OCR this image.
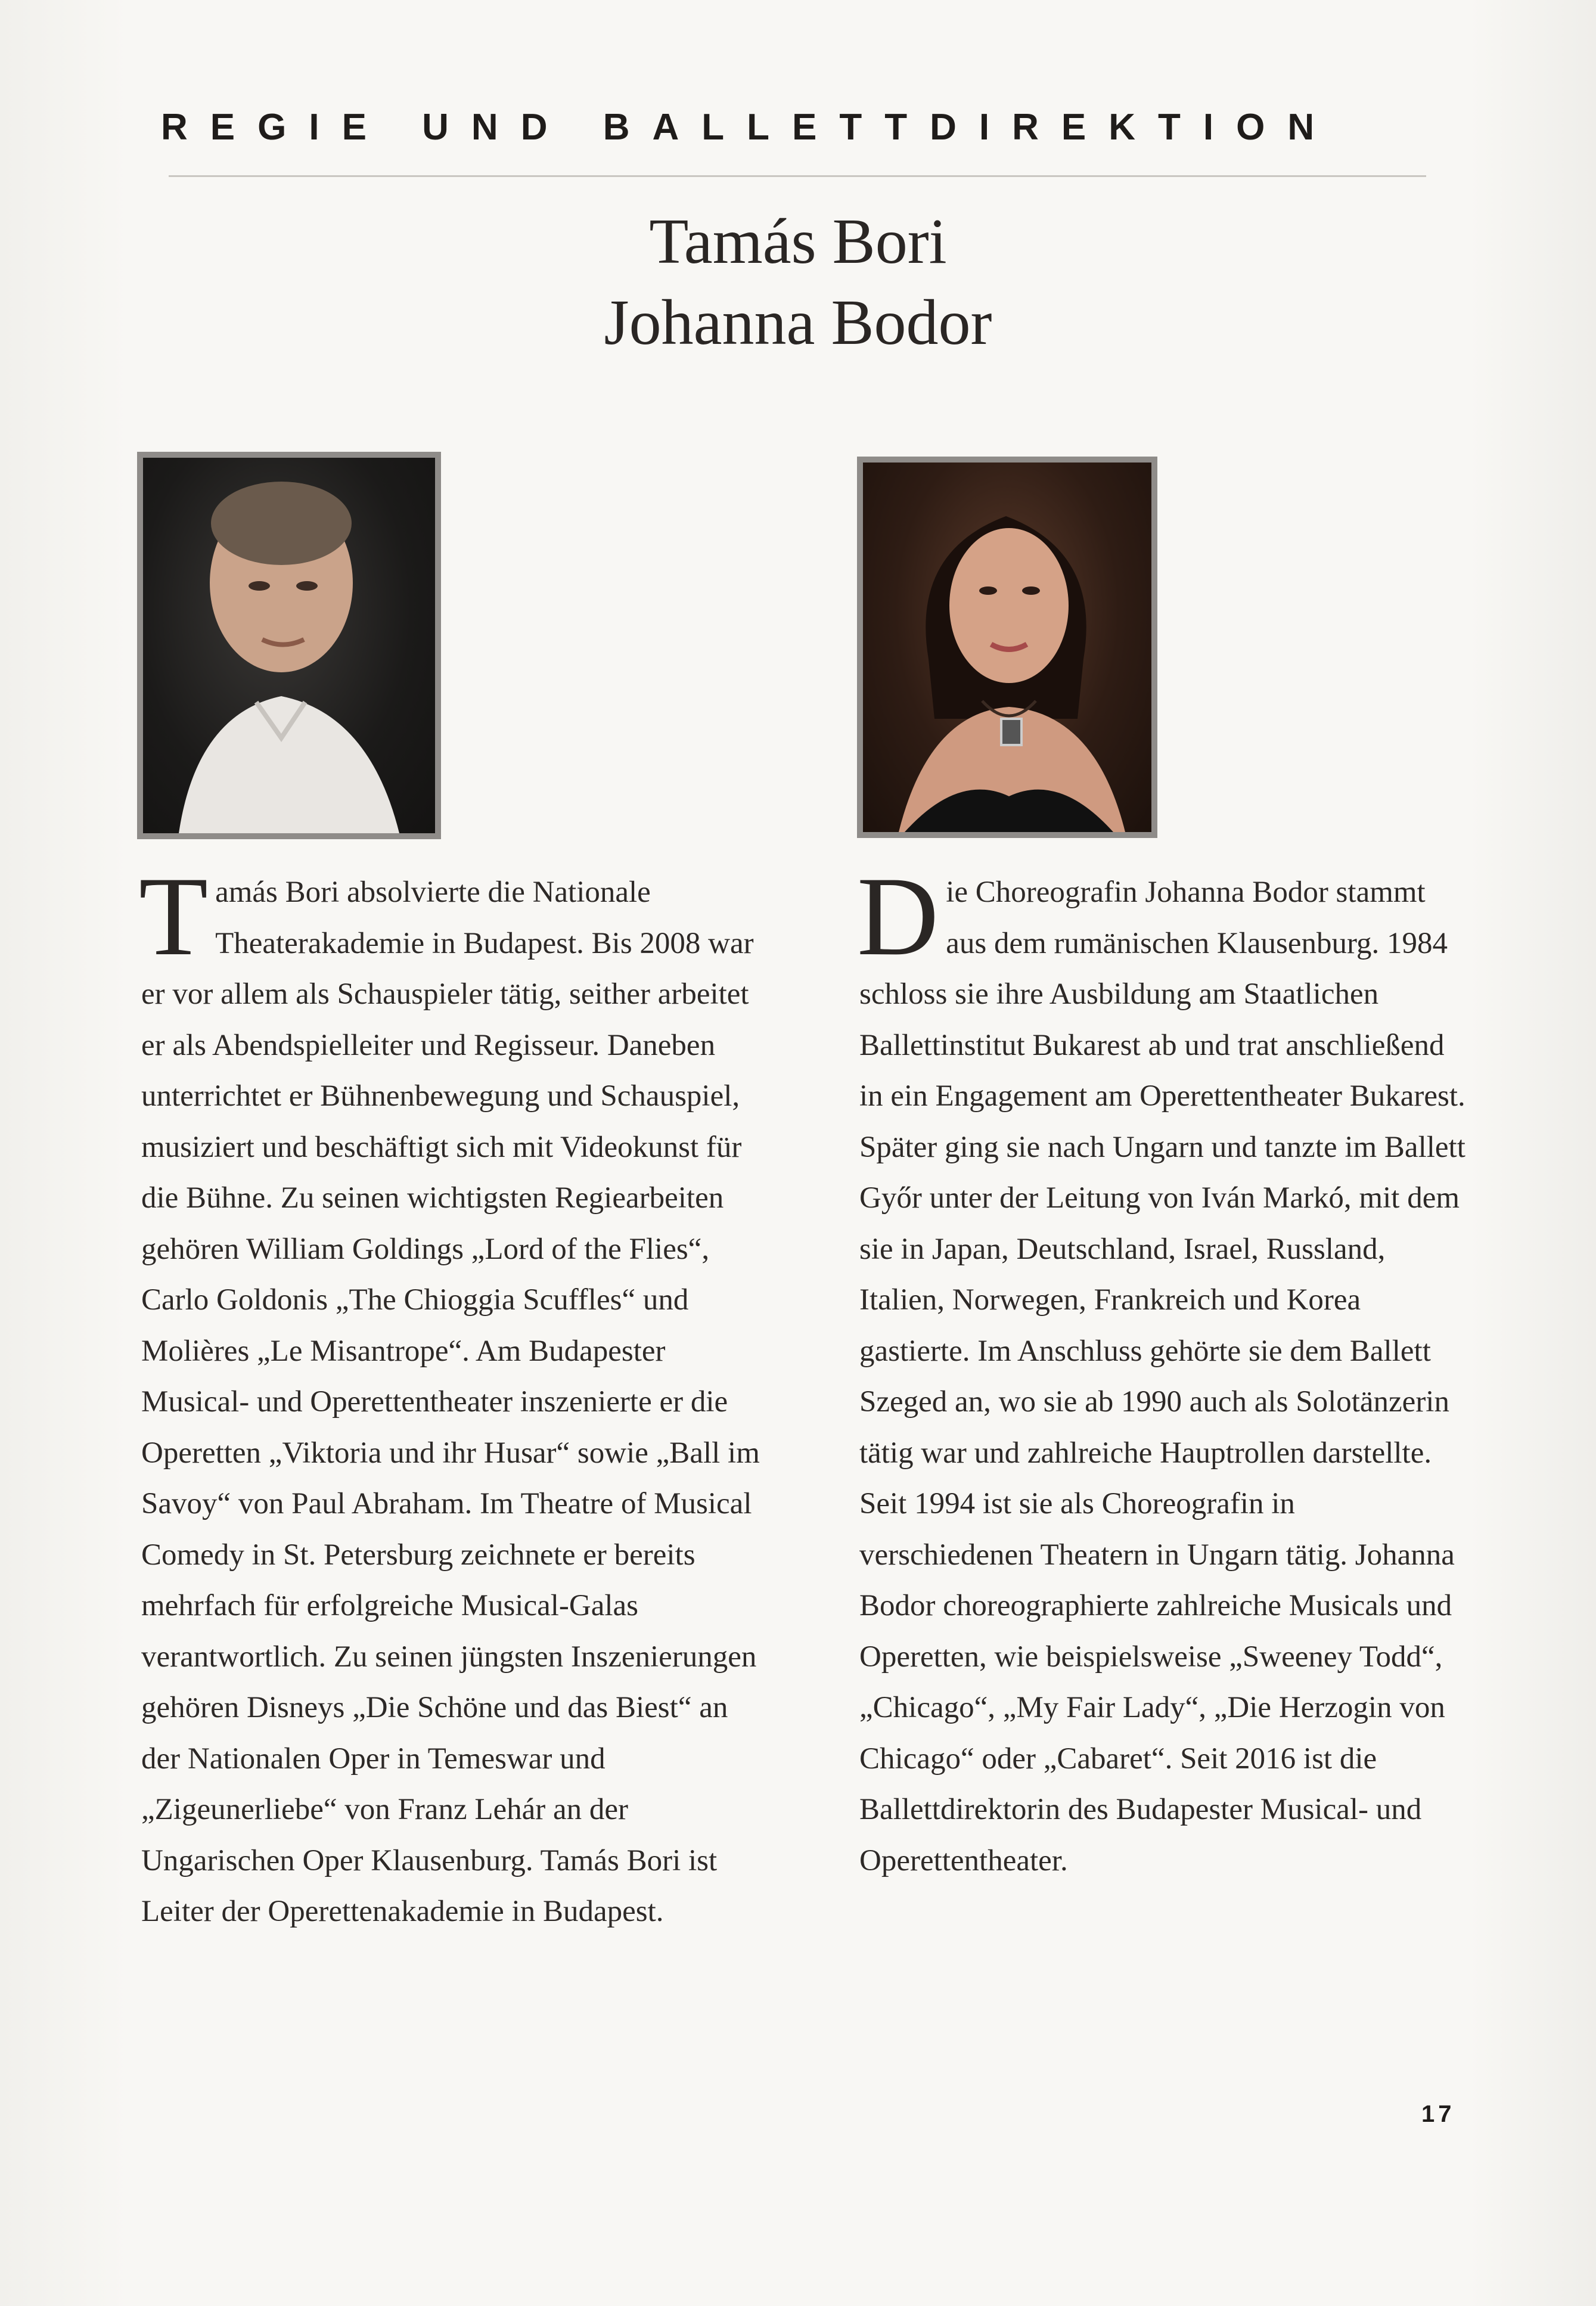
REGIE UND BALLETTDIREKTION
Tamás Bori
Johanna Bodor

Tamás Bori absolvierte die Nationale Theaterakademie in Budapest. Bis 2008 war er vor allem als Schauspieler tätig, seither arbeitet er als Abendspielleiter und Regisseur. Daneben unterrichtet er Bühnenbewegung und Schauspiel, musiziert und beschäftigt sich mit Videokunst für die Bühne. Zu seinen wichtigsten Regiearbeiten gehören William Goldings „Lord of the Flies“, Carlo Goldonis „The Chioggia Scuffles“ und Molières „Le Misantrope“. Am Budapester Musical- und Operettentheater inszenierte er die Operetten „Viktoria und ihr Husar“ sowie „Ball im Savoy“ von Paul Abraham. Im Theatre of Musical Comedy in St. Petersburg zeichnete er bereits mehrfach für erfolgreiche Musical-Galas verantwortlich. Zu seinen jüngsten Inszenierungen gehören Disneys „Die Schöne und das Biest“ an der Nationalen Oper in Temeswar und „Zigeunerliebe“ von Franz Lehár an der Ungarischen Oper Klausenburg. Tamás Bori ist Leiter der Operettenakademie in Budapest.

Die Choreografin Johanna Bodor stammt aus dem rumänischen Klausenburg. 1984 schloss sie ihre Ausbildung am Staatlichen Ballettinstitut Bukarest ab und trat anschließend in ein Engagement am Operettentheater Bukarest. Später ging sie nach Ungarn und tanzte im Ballett Győr unter der Leitung von Iván Markó, mit dem sie in Japan, Deutschland, Israel, Russland, Italien, Norwegen, Frankreich und Korea gastierte. Im Anschluss gehörte sie dem Ballett Szeged an, wo sie ab 1990 auch als Solotänzerin tätig war und zahlreiche Hauptrollen darstellte.

Seit 1994 ist sie als Choreografin in verschiedenen Theatern in Ungarn tätig. Johanna Bodor choreographierte zahlreiche Musicals und Operetten, wie beispielsweise „Sweeney Todd“, „Chicago“, „My Fair Lady“, „Die Herzogin von Chicago“ oder „Cabaret“. Seit 2016 ist die Ballettdirektorin des Budapester Musical- und Operettentheater.

17
